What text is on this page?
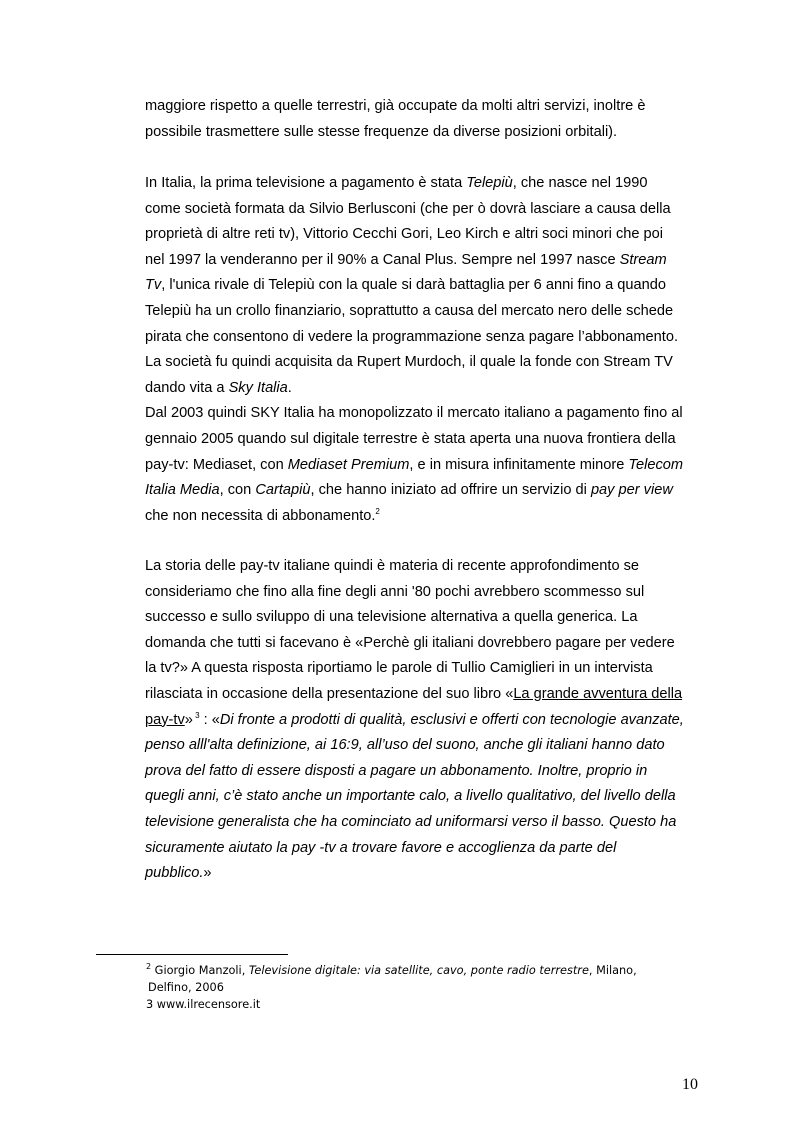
maggiore rispetto a quelle terrestri, già occupate da molti altri servizi, inoltre è possibile trasmettere sulle stesse frequenze da diverse posizioni orbitali).

In Italia, la prima televisione a pagamento è stata Telepiù, che nasce nel 1990 come società formata da Silvio Berlusconi (che per ò dovrà lasciare a causa della proprietà di altre reti tv), Vittorio Cecchi Gori, Leo Kirch e altri soci minori che poi nel 1997 la venderanno per il 90% a Canal Plus. Sempre nel 1997 nasce Stream Tv, l'unica rivale di Telepiù con la quale si darà battaglia per 6 anni fino a quando Telepiù ha un crollo finanziario, soprattutto a causa del mercato nero delle schede pirata che consentono di vedere la programmazione senza pagare l’abbonamento. La società fu quindi acquisita da Rupert Murdoch, il quale la fonde con Stream TV dando vita a Sky Italia.

Dal 2003 quindi SKY Italia ha monopolizzato il mercato italiano a pagamento fino al gennaio 2005 quando sul digitale terrestre è stata aperta una nuova frontiera della pay-tv: Mediaset, con Mediaset Premium, e in misura infinitamente minore Telecom Italia Media, con Cartapiù, che hanno iniziato ad offrire un servizio di pay per view che non necessita di abbonamento.$^2$

La storia delle pay-tv italiane quindi è materia di recente approfondimento se consideriamo che fino alla fine degli anni '80 pochi avrebbero scommesso sul successo e sullo sviluppo di una televisione alternativa a quella generica. La domanda che tutti si facevano è «Perchè gli italiani dovrebbero pagare per vedere la tv?» A questa risposta riportiamo le parole di Tullio Camiglieri in un intervista rilasciata in occasione della presentazione del suo libro «La grande avventura della pay-tv» $^3$ : «Di fronte a prodotti di qualità, esclusivi e offerti con tecnologie avanzate, penso alll'alta definizione, ai 16:9, all’uso del suono, anche gli italiani hanno dato prova del fatto di essere disposti a pagare un abbonamento. Inoltre, proprio in quegli anni, c’è stato anche un importante calo, a livello qualitativo, del livello della televisione generalista che ha cominciato ad uniformarsi verso il basso. Questo ha sicuramente aiutato la pay -tv a trovare favore e accoglienza da parte del pubblico.»

$^2$ Giorgio Manzoli, Televisione digitale: via satellite, cavo, ponte radio terrestre, Milano,
Delfino, 2006
3 www.ilrecensore.it
10
